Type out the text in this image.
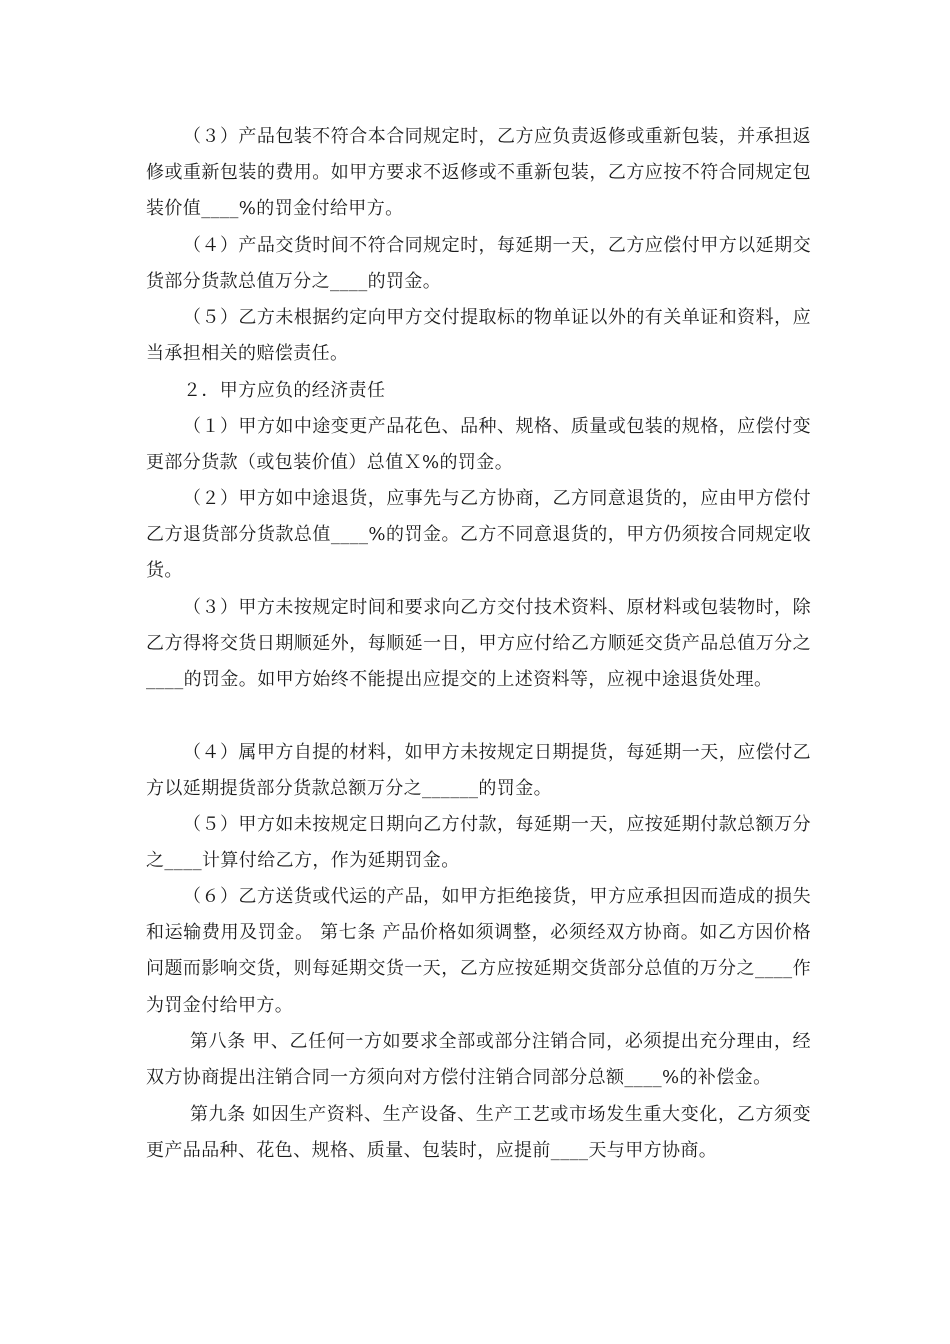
（３）产品包装不符合本合同规定时，乙方应负责返修或重新包装，并承担返修或重新包装的费用。如甲方要求不返修或不重新包装，乙方应按不符合同规定包装价值____%的罚金付给甲方。

（４）产品交货时间不符合同规定时，每延期一天，乙方应偿付甲方以延期交货部分货款总值万分之____的罚金。

（５）乙方未根据约定向甲方交付提取标的物单证以外的有关单证和资料，应当承担相关的赔偿责任。

２．甲方应负的经济责任

（１）甲方如中途变更产品花色、品种、规格、质量或包装的规格，应偿付变更部分货款（或包装价值）总值Ｘ%的罚金。

（２）甲方如中途退货，应事先与乙方协商，乙方同意退货的，应由甲方偿付乙方退货部分货款总值____%的罚金。乙方不同意退货的，甲方仍须按合同规定收货。

（３）甲方未按规定时间和要求向乙方交付技术资料、原材料或包装物时，除乙方得将交货日期顺延外，每顺延一日，甲方应付给乙方顺延交货产品总值万分之____的罚金。如甲方始终不能提出应提交的上述资料等，应视中途退货处理。

（４）属甲方自提的材料，如甲方未按规定日期提货，每延期一天，应偿付乙方以延期提货部分货款总额万分之______的罚金。

（５）甲方如未按规定日期向乙方付款，每延期一天，应按延期付款总额万分之____计算付给乙方，作为延期罚金。

（６）乙方送货或代运的产品，如甲方拒绝接货，甲方应承担因而造成的损失和运输费用及罚金。 第七条 产品价格如须调整，必须经双方协商。如乙方因价格问题而影响交货，则每延期交货一天，乙方应按延期交货部分总值的万分之____作为罚金付给甲方。

第八条 甲、乙任何一方如要求全部或部分注销合同，必须提出充分理由，经双方协商提出注销合同一方须向对方偿付注销合同部分总额____%的补偿金。

第九条 如因生产资料、生产设备、生产工艺或市场发生重大变化，乙方须变更产品品种、花色、规格、质量、包装时，应提前____天与甲方协商。
